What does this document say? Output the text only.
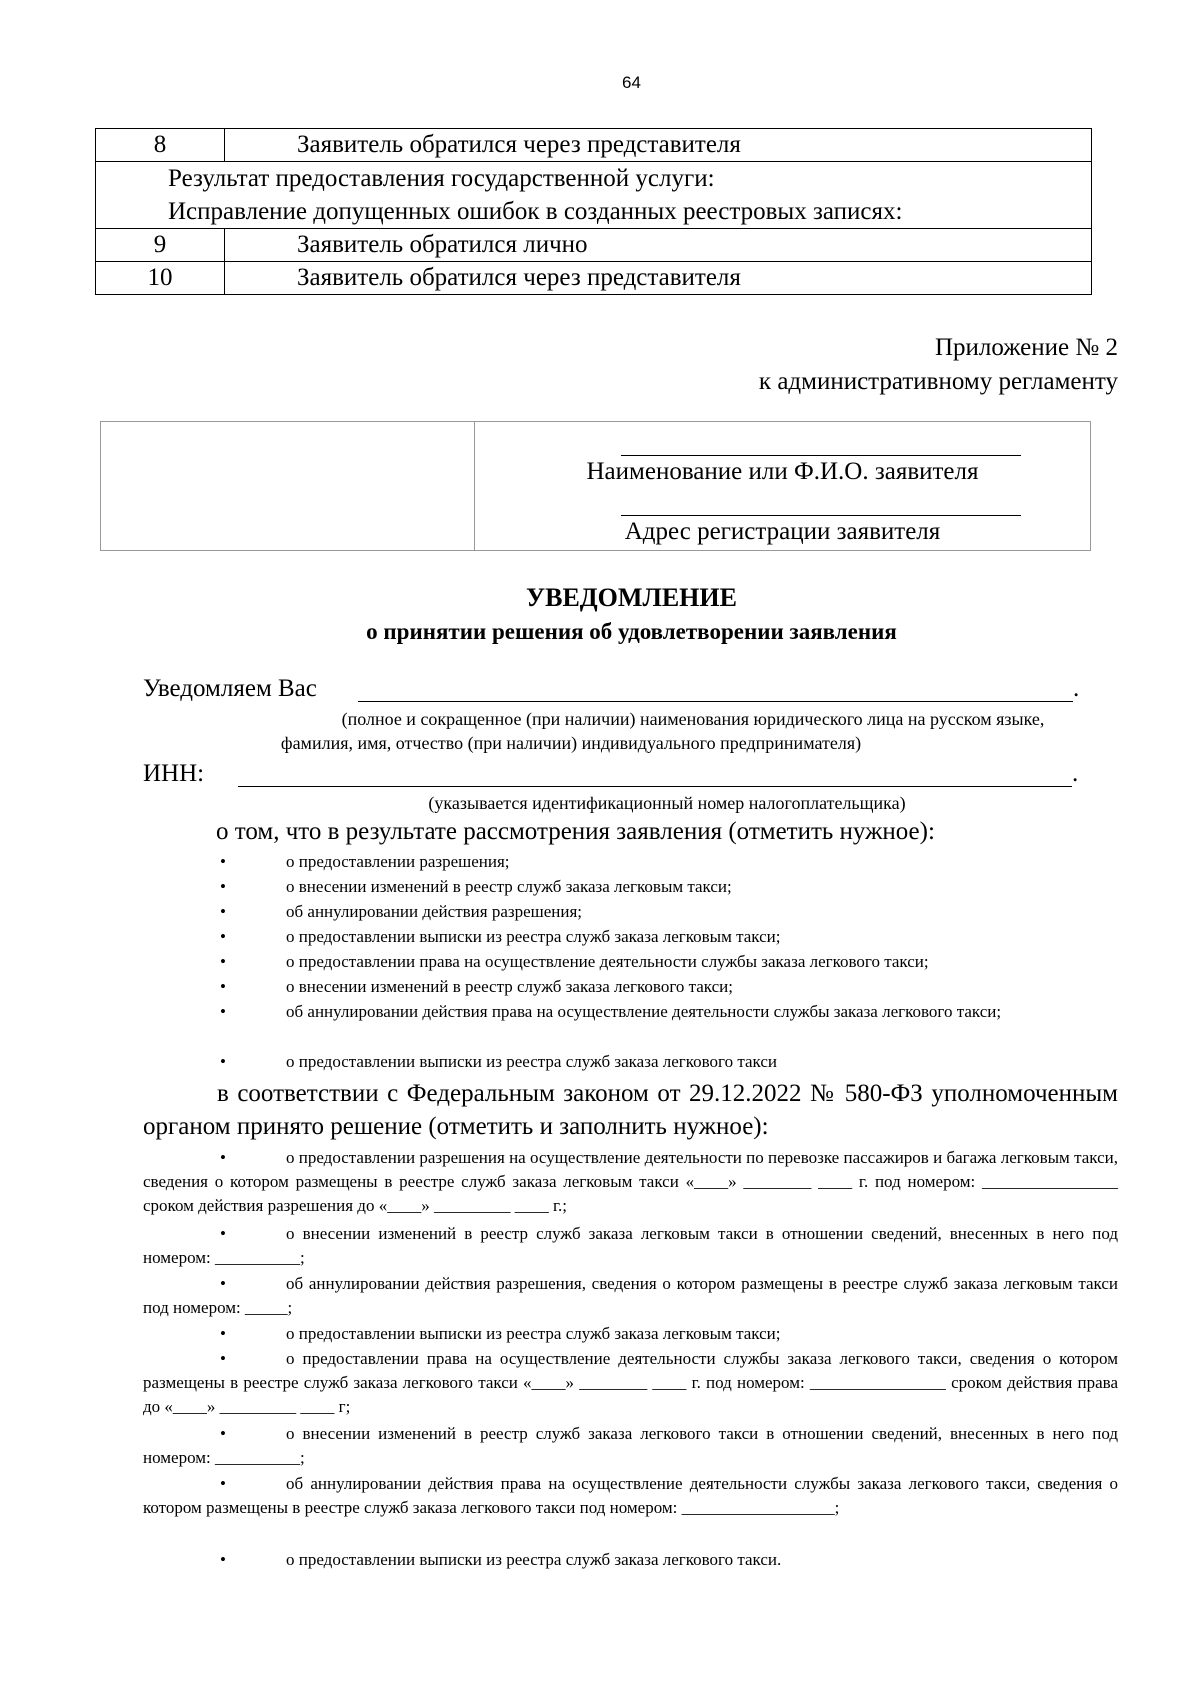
64
8	Заявитель обратился через представителя

Результат предоставления государственной услуги:
Исправление допущенных ошибок в созданных реестровых записях:	

9	Заявитель обратился лично
10	Заявитель обратился через представителя
Приложение № 2
к административному регламенту
Наименование или Ф.И.О. заявителя
Адрес регистрации заявителя
УВЕДОМЛЕНИЕ
о принятии решения об удовлетворении заявления
Уведомляем Вас	.
(полное и сокращенное (при наличии) наименования юридического лица на русском языке,
фамилия, имя, отчество (при наличии) индивидуального предпринимателя)
ИНН:	.
(указывается идентификационный номер налогоплательщика)
о том, что в результате рассмотрения заявления (отметить нужное):
•	о предоставлении разрешения;
•	о внесении изменений в реестр служб заказа легковым такси;
•	об аннулировании действия разрешения;
•	о предоставлении выписки из реестра служб заказа легковым такси;
•	о предоставлении права на осуществление деятельности службы заказа легкового такси;
•	о внесении изменений в реестр служб заказа легкового такси;
•	об аннулировании действия права на осуществление деятельности службы заказа легкового такси;
•	о предоставлении выписки из реестра служб заказа легкового такси
в соответствии с Федеральным законом от 29.12.2022 № 580-ФЗ уполномоченным органом принято решение (отметить и заполнить нужное):
•	о предоставлении разрешения на осуществление деятельности по перевозке пассажиров и багажа легковым такси, сведения о котором размещены в реестре служб заказа легковым такси «____» ________ ____ г. под номером: ________________ сроком действия разрешения до «____» _________ ____ г.;
•	о внесении изменений в реестр служб заказа легковым такси в отношении сведений, внесенных в него под номером: __________;
•	об аннулировании действия разрешения, сведения о котором размещены в реестре служб заказа легковым такси под номером: _____;
•	о предоставлении выписки из реестра служб заказа легковым такси;
•	о предоставлении права на осуществление деятельности службы заказа легкового такси, сведения о котором размещены в реестре служб заказа легкового такси «____» ________ ____ г. под номером: ________________ сроком действия права до «____» _________ ____ г;
•	о внесении изменений в реестр служб заказа легкового такси в отношении сведений, внесенных в него под номером: __________;
•	об аннулировании действия права на осуществление деятельности службы заказа легкового такси, сведения о котором размещены в реестре служб заказа легкового такси под номером: __________________;
•	о предоставлении выписки из реестра служб заказа легкового такси.
